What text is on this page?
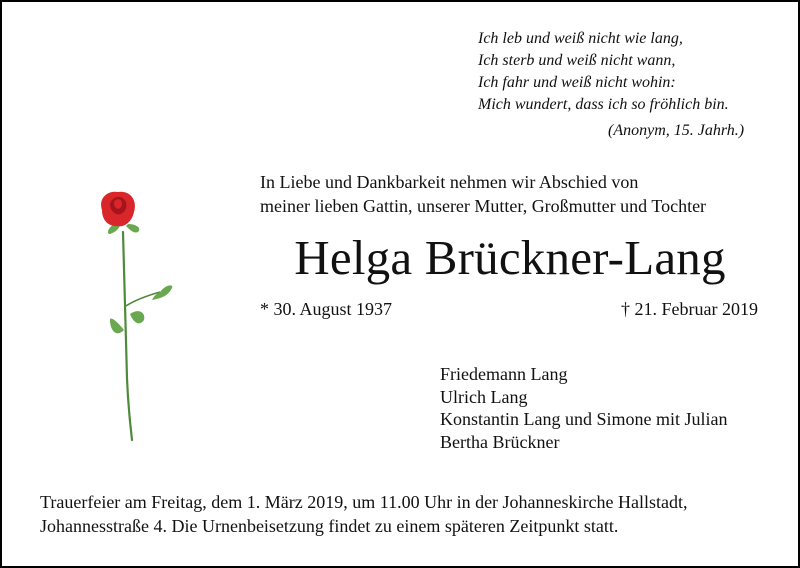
Ich leb und weiß nicht wie lang,
Ich sterb und weiß nicht wann,
Ich fahr und weiß nicht wohin:
Mich wundert, dass ich so fröhlich bin.
(Anonym, 15. Jahrh.)
In Liebe und Dankbarkeit nehmen wir Abschied von
meiner lieben Gattin, unserer Mutter, Großmutter und Tochter
Helga Brückner-Lang
* 30. August 1937	† 21. Februar 2019
Friedemann Lang
Ulrich Lang
Konstantin Lang und Simone mit Julian
Bertha Brückner
Trauerfeier am Freitag, dem 1. März 2019, um 11.00 Uhr in der Johanneskirche Hallstadt,
Johannesstraße 4. Die Urnenbeisetzung findet zu einem späteren Zeitpunkt statt.
